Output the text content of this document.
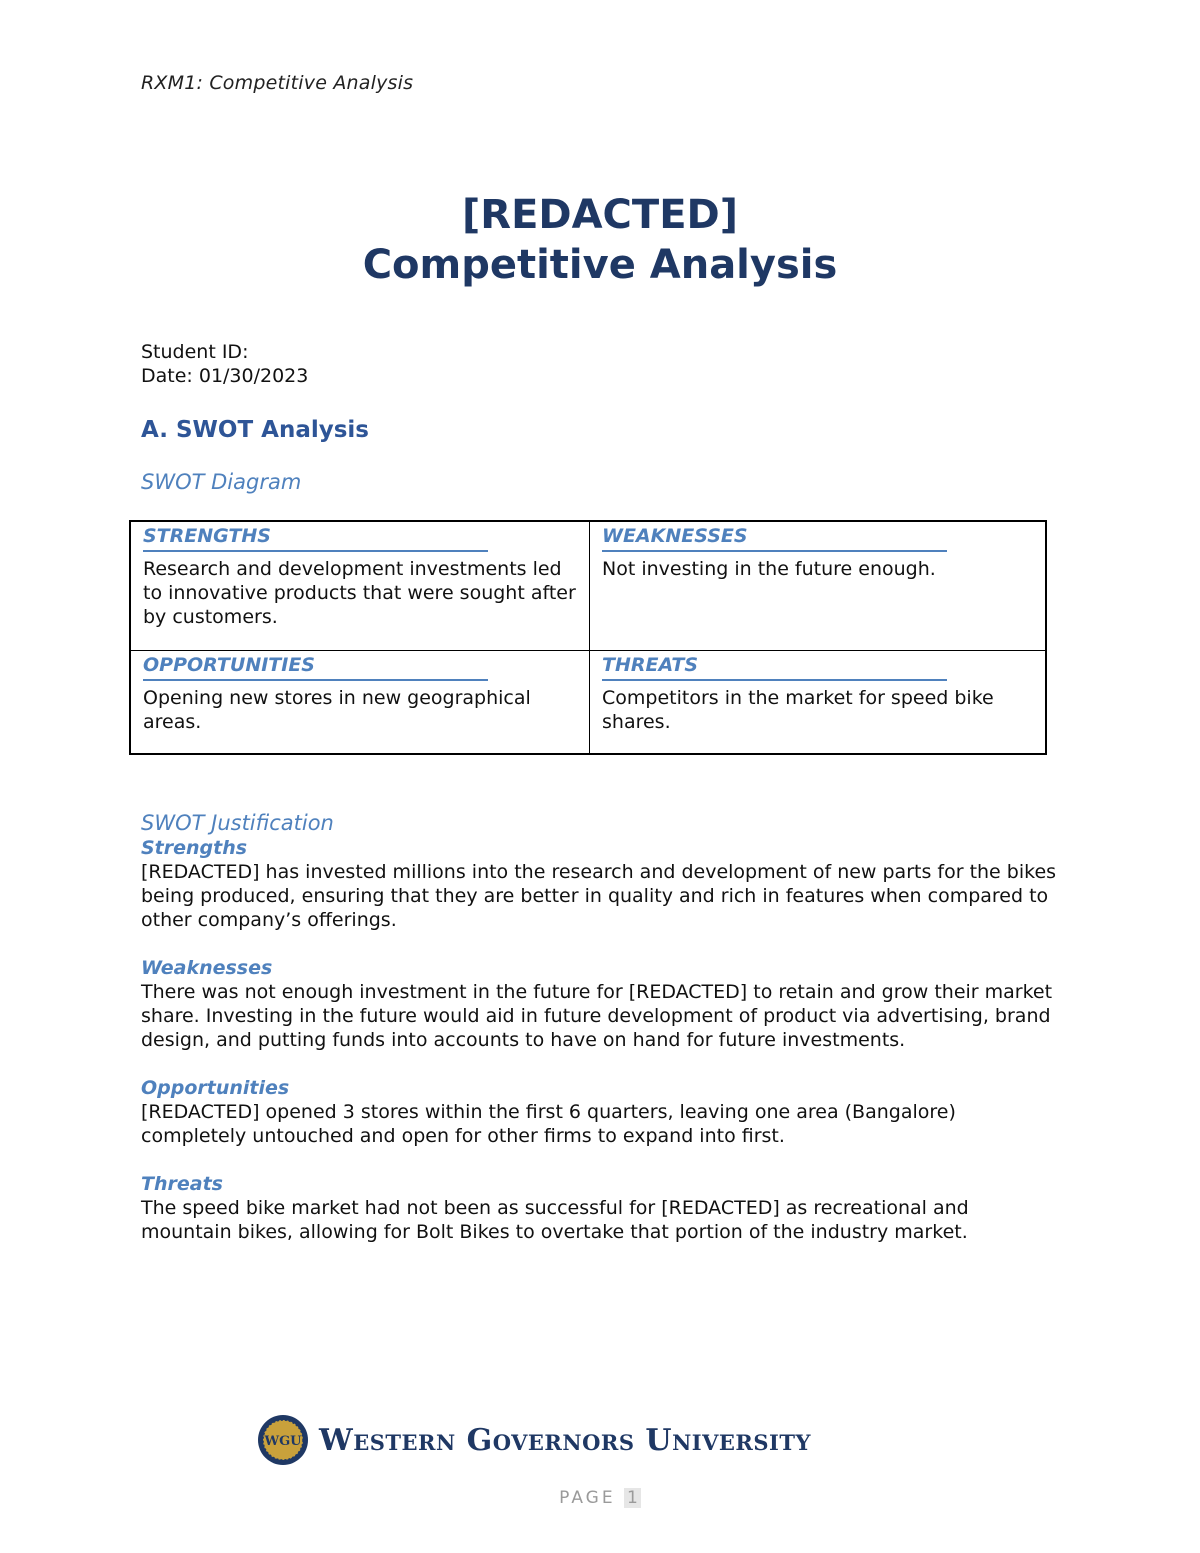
RXM1: Competitive Analysis
[REDACTED]
Competitive Analysis
Student ID:
Date: 01/30/2023
A. SWOT Analysis
SWOT Diagram
STRENGTHS
Research and development investments led to innovative products that were sought after by customers.
WEAKNESSES
Not investing in the future enough.
OPPORTUNITIES
Opening new stores in new geographical areas.
THREATS
Competitors in the market for speed bike shares.
SWOT Justification
Strengths
[REDACTED] has invested millions into the research and development of new parts for the bikes being produced, ensuring that they are better in quality and rich in features when compared to other company’s offerings.
Weaknesses
There was not enough investment in the future for [REDACTED] to retain and grow their market share. Investing in the future would aid in future development of product via advertising, brand design, and putting funds into accounts to have on hand for future investments.
Opportunities
[REDACTED] opened 3 stores within the first 6 quarters, leaving one area (Bangalore) completely untouched and open for other firms to expand into first.
Threats
The speed bike market had not been as successful for [REDACTED] as recreational and mountain bikes, allowing for Bolt Bikes to overtake that portion of the industry market.
WGU Western Governors University
PAGE 1
